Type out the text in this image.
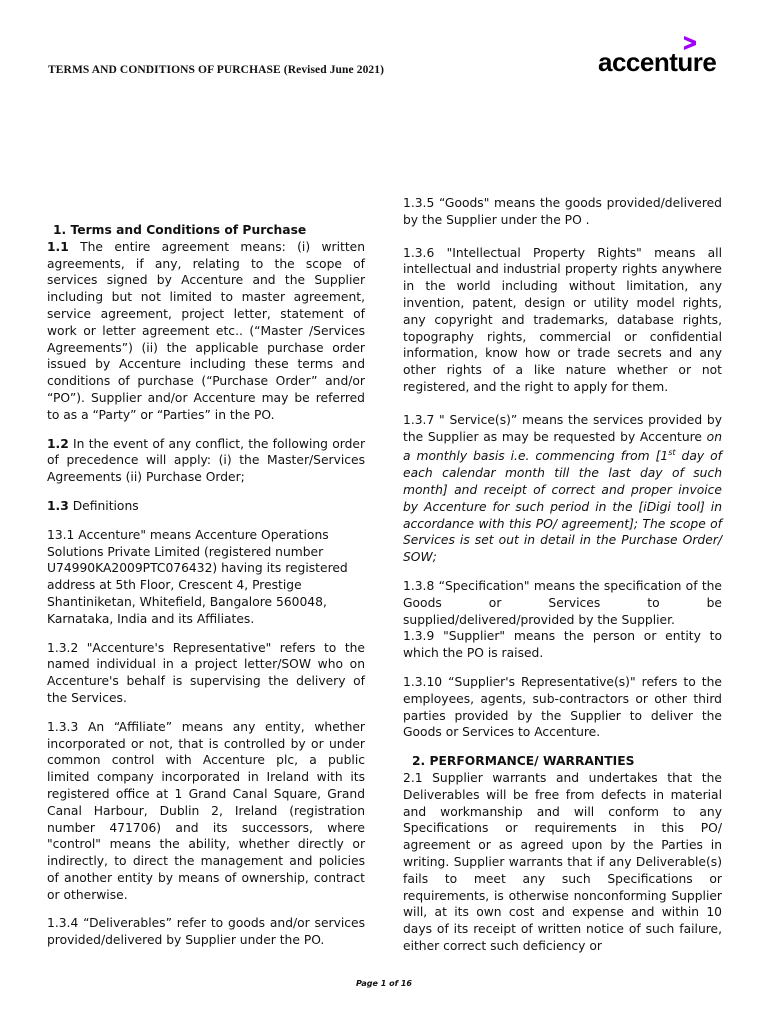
TERMS AND CONDITIONS OF PURCHASE (Revised June 2021)	accenture

1. Terms and Conditions of Purchase

1.1 The entire agreement means: (i) written agreements, if any, relating to the scope of services signed by Accenture and the Supplier including but not limited to master agreement, service agreement, project letter, statement of work or letter agreement etc.. (“Master /Services Agreements”) (ii) the applicable purchase order issued by Accenture including these terms and conditions of purchase (“Purchase Order” and/or “PO”). Supplier and/or Accenture may be referred to as a “Party” or “Parties” in the PO.

1.2 In the event of any conflict, the following order of precedence will apply: (i) the Master/Services Agreements (ii) Purchase Order;

1.3 Definitions

13.1 Accenture" means Accenture Operations Solutions Private Limited (registered number U74990KA2009PTC076432) having its registered address at 5th Floor, Crescent 4, Prestige Shantiniketan, Whitefield, Bangalore 560048, Karnataka, India and its Affiliates.

1.3.2 "Accenture's Representative" refers to the named individual in a project letter/SOW who on Accenture's behalf is supervising the delivery of the Services.

1.3.3 An “Affiliate” means any entity, whether incorporated or not, that is controlled by or under common control with Accenture plc, a public limited company incorporated in Ireland with its registered office at 1 Grand Canal Square, Grand Canal Harbour, Dublin 2, Ireland (registration number 471706) and its successors, where "control" means the ability, whether directly or indirectly, to direct the management and policies of another entity by means of ownership, contract or otherwise.

1.3.4 “Deliverables” refer to goods and/or services provided/delivered by Supplier under the PO.

1.3.5 “Goods" means the goods provided/delivered by the Supplier under the PO .

1.3.6 "Intellectual Property Rights" means all intellectual and industrial property rights anywhere in the world including without limitation, any invention, patent, design or utility model rights, any copyright and trademarks, database rights, topography rights, commercial or confidential information, know how or trade secrets and any other rights of a like nature whether or not registered, and the right to apply for them.

1.3.7 " Service(s)” means the services provided by the Supplier as may be requested by Accenture on a monthly basis i.e. commencing from [1st day of each calendar month till the last day of such month] and receipt of correct and proper invoice by Accenture for such period in the [iDigi tool] in accordance with this PO/ agreement]; The scope of Services is set out in detail in the Purchase Order/ SOW;

1.3.8 “Specification" means the specification of the Goods or Services to be supplied/delivered/provided by the Supplier.

1.3.9 "Supplier" means the person or entity to which the PO is raised.

1.3.10 “Supplier's Representative(s)" refers to the employees, agents, sub-contractors or other third parties provided by the Supplier to deliver the Goods or Services to Accenture.

2. PERFORMANCE/ WARRANTIES

2.1 Supplier warrants and undertakes that the Deliverables will be free from defects in material and workmanship and will conform to any Specifications or requirements in this PO/ agreement or as agreed upon by the Parties in writing. Supplier warrants that if any Deliverable(s) fails to meet any such Specifications or requirements, is otherwise nonconforming Supplier will, at its own cost and expense and within 10 days of its receipt of written notice of such failure, either correct such deficiency or

Page 1 of 16
